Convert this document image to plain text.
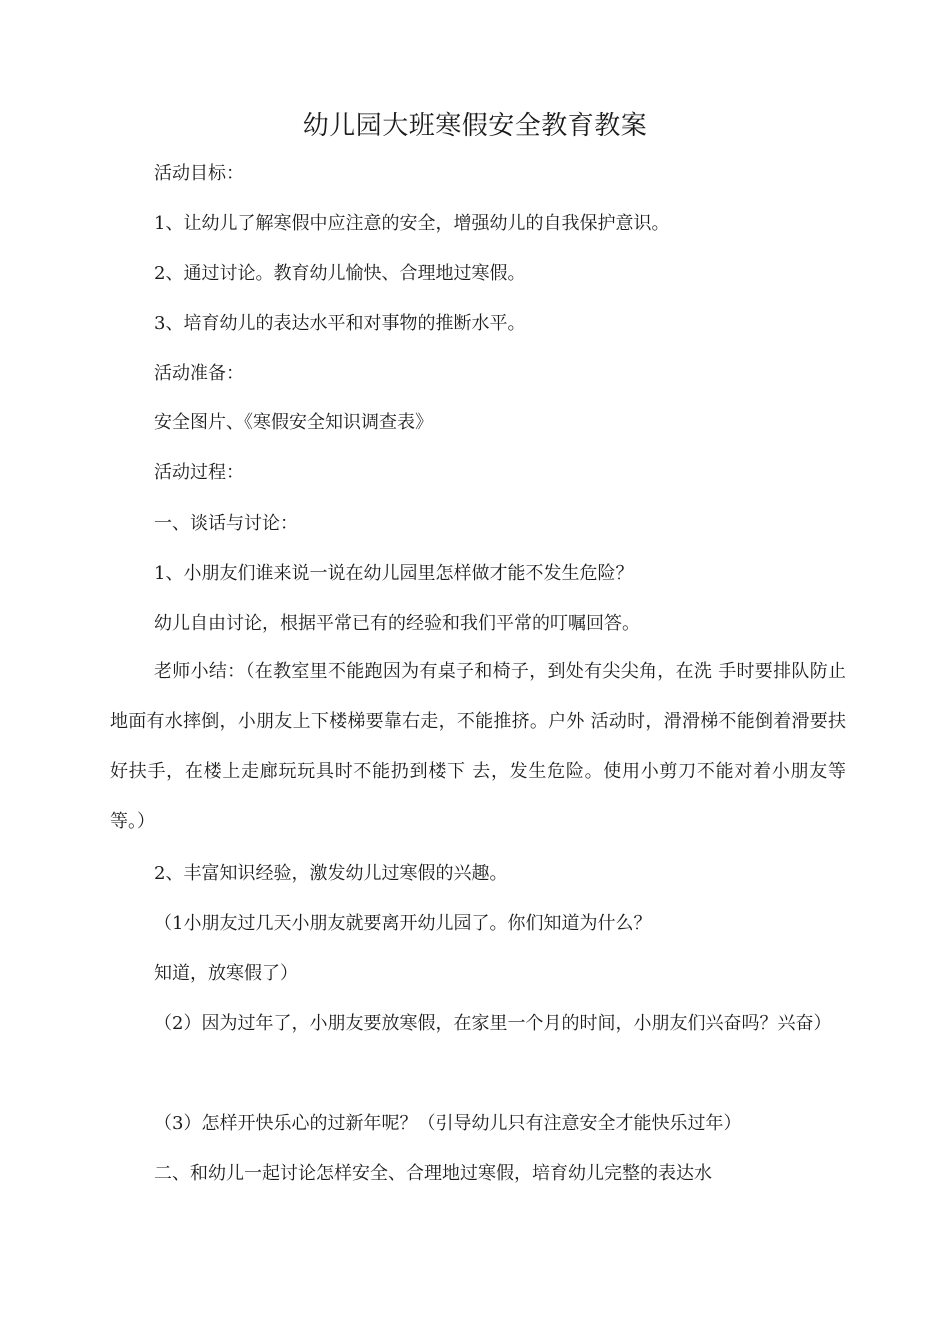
幼儿园大班寒假安全教育教案
活动目标：
1、让幼儿了解寒假中应注意的安全，增强幼儿的自我保护意识。
2、通过讨论。教育幼儿愉快、合理地过寒假。
3、培育幼儿的表达水平和对事物的推断水平。
活动准备：
安全图片、《寒假安全知识调查表》
活动过程：
一、谈话与讨论：
1、小朋友们谁来说一说在幼儿园里怎样做才能不发生危险？
幼儿自由讨论，根据平常已有的经验和我们平常的叮嘱回答。
老师小结：（在教室里不能跑因为有桌子和椅子，到处有尖尖角，在洗 手时要排队防止地面有水摔倒，小朋友上下楼梯要靠右走，不能推挤。户外 活动时，滑滑梯不能倒着滑要扶好扶手，在楼上走廊玩玩具时不能扔到楼下 去，发生危险。使用小剪刀不能对着小朋友等等。）
2、丰富知识经验，激发幼儿过寒假的兴趣。
（1小朋友过几天小朋友就要离开幼儿园了。你们知道为什么？
知道，放寒假了）
（2）因为过年了，小朋友要放寒假，在家里一个月的时间，小朋友们兴奋吗？兴奋）
（3）怎样开快乐心的过新年呢？（引导幼儿只有注意安全才能快乐过年）
二、和幼儿一起讨论怎样安全、合理地过寒假，培育幼儿完整的表达水
